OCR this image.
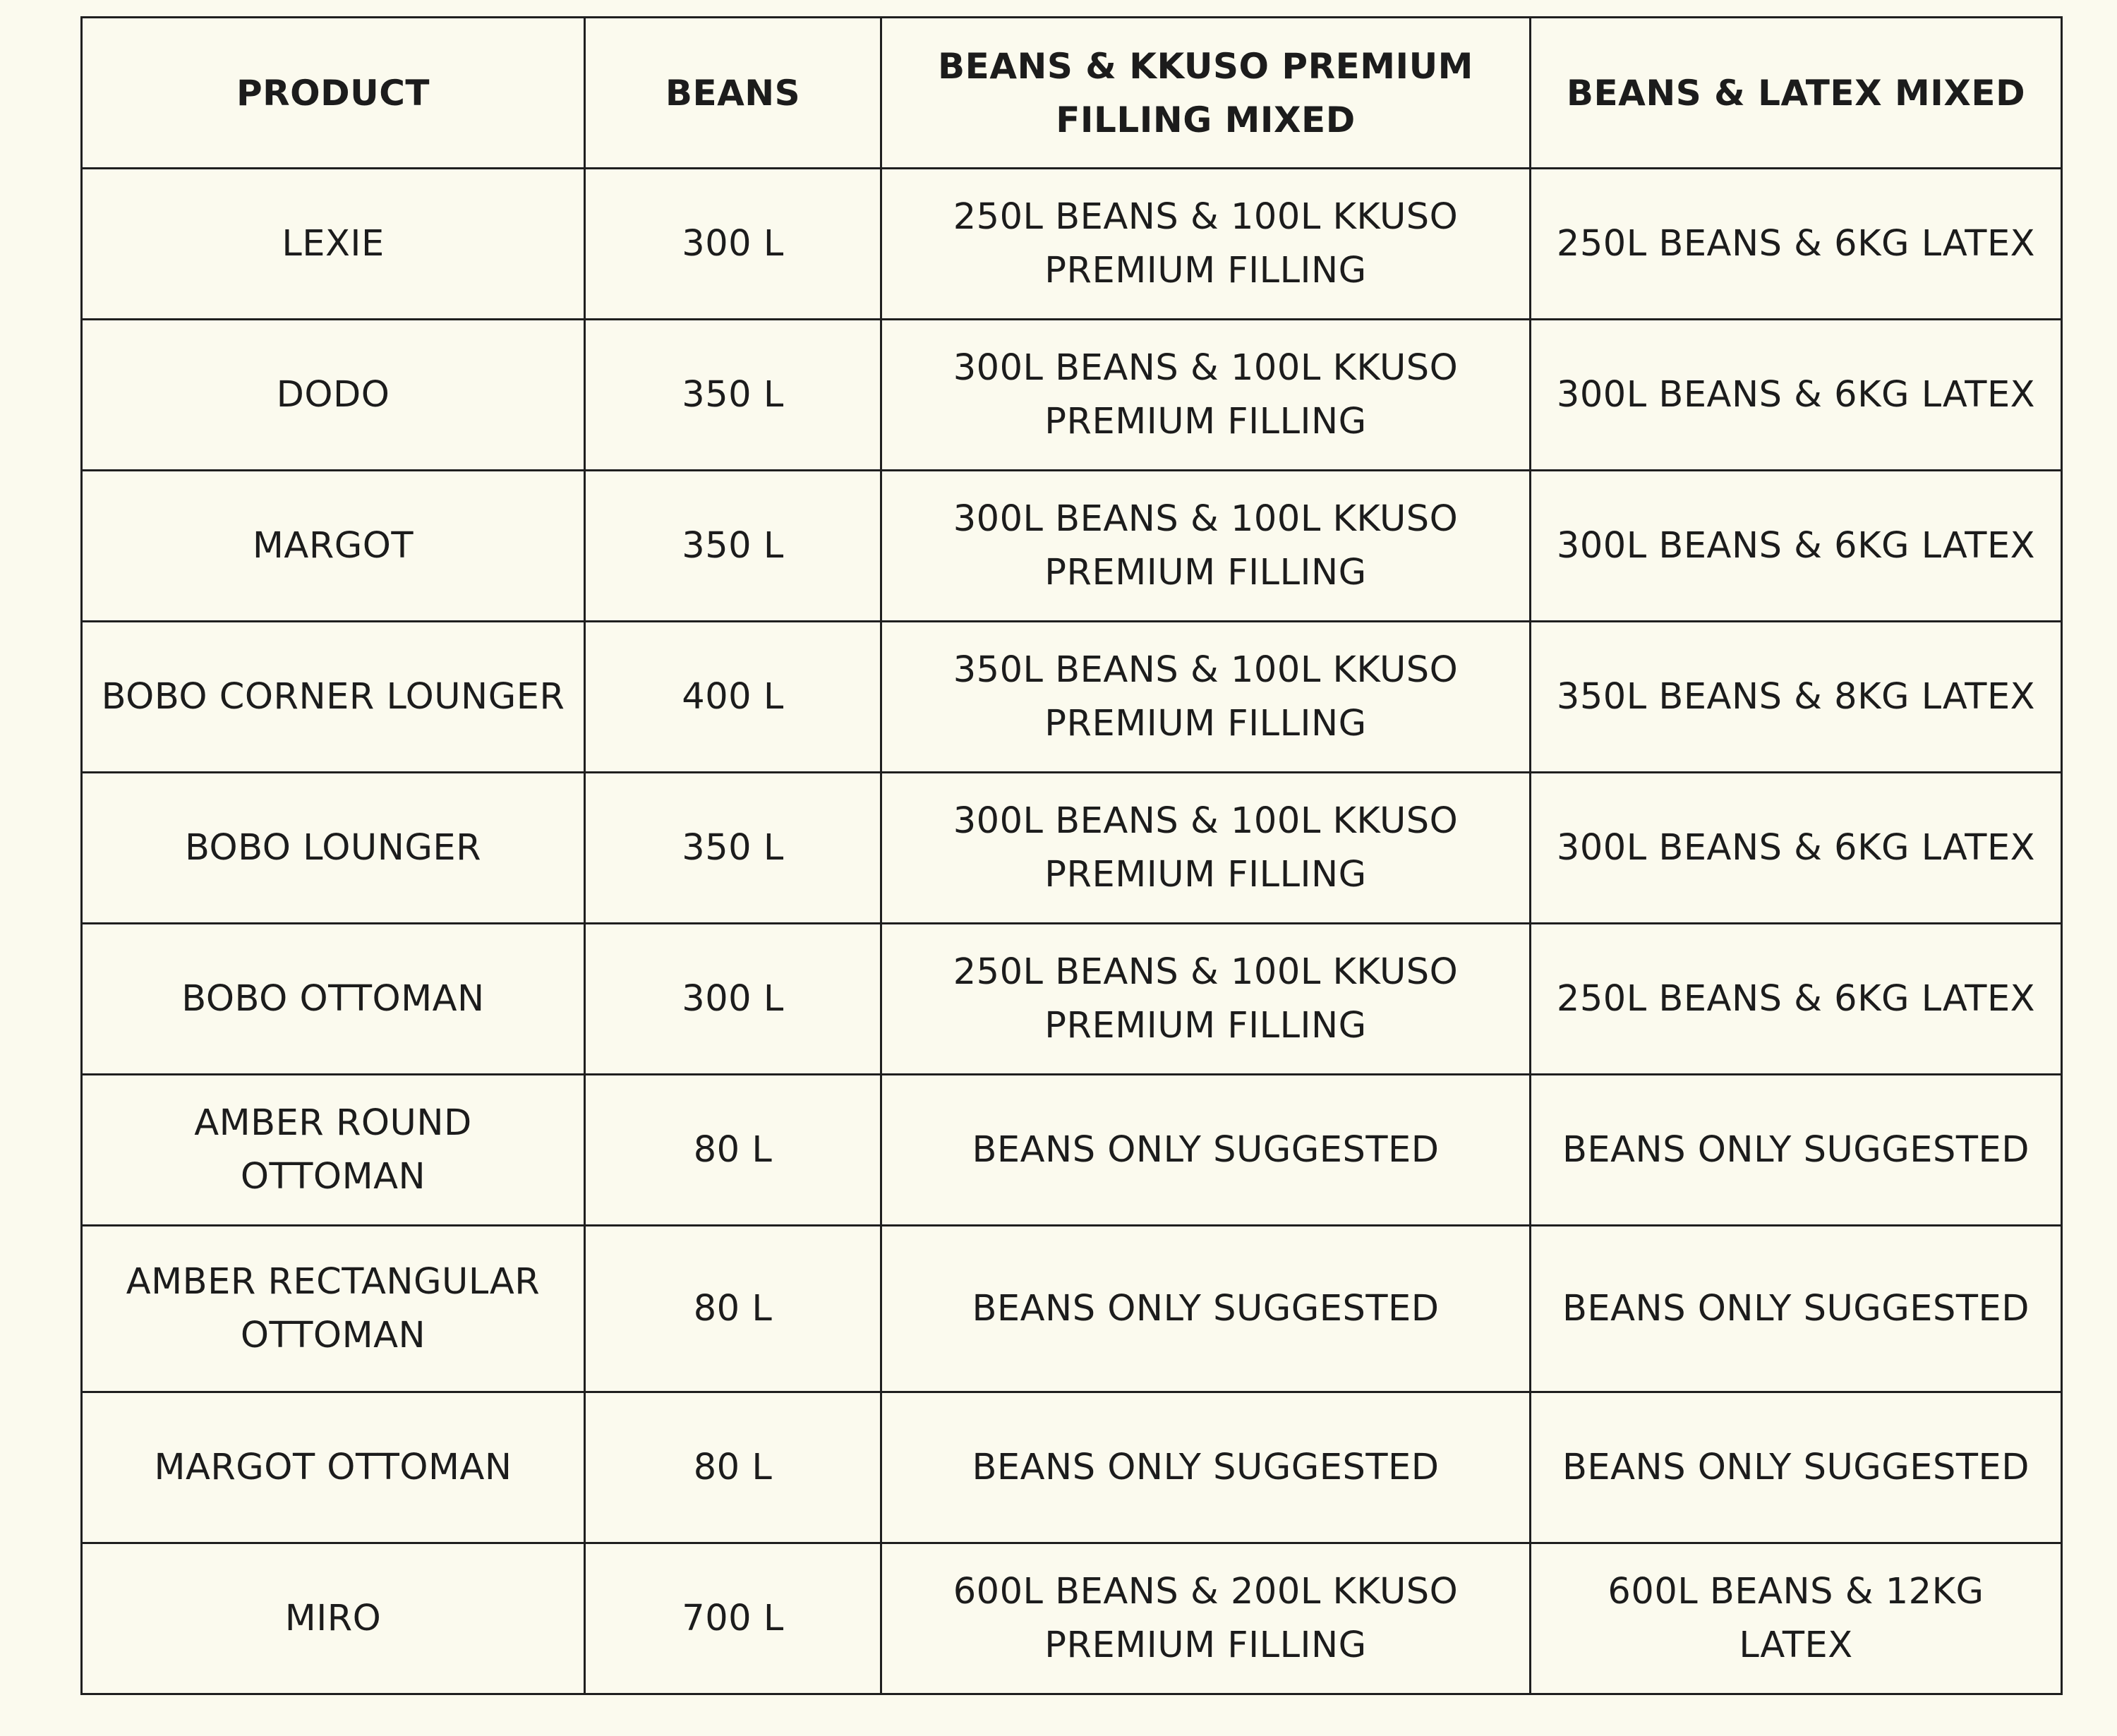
PRODUCT	BEANS	BEANS & KKUSO PREMIUM FILLING MIXED	BEANS & LATEX MIXED
LEXIE	300 L	250L BEANS & 100L KKUSO PREMIUM FILLING	250L BEANS & 6KG LATEX
DODO	350 L	300L BEANS & 100L KKUSO PREMIUM FILLING	300L BEANS & 6KG LATEX
MARGOT	350 L	300L BEANS & 100L KKUSO PREMIUM FILLING	300L BEANS & 6KG LATEX
BOBO CORNER LOUNGER	400 L	350L BEANS & 100L KKUSO PREMIUM FILLING	350L BEANS & 8KG LATEX
BOBO LOUNGER	350 L	300L BEANS & 100L KKUSO PREMIUM FILLING	300L BEANS & 6KG LATEX
BOBO OTTOMAN	300 L	250L BEANS & 100L KKUSO PREMIUM FILLING	250L BEANS & 6KG LATEX
AMBER ROUND OTTOMAN	80 L	BEANS ONLY SUGGESTED	BEANS ONLY SUGGESTED
AMBER RECTANGULAR OTTOMAN	80 L	BEANS ONLY SUGGESTED	BEANS ONLY SUGGESTED
MARGOT OTTOMAN	80 L	BEANS ONLY SUGGESTED	BEANS ONLY SUGGESTED
MIRO	700 L	600L BEANS & 200L KKUSO PREMIUM FILLING	600L BEANS & 12KG LATEX
